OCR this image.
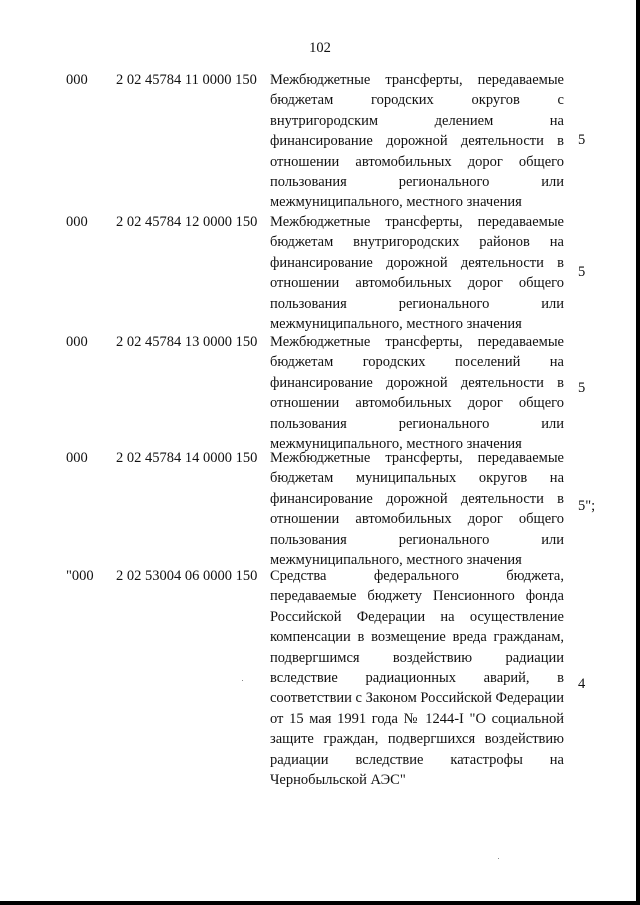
102
000 2 02 45784 11 0000 150 Межбюджетные трансферты, передаваемые бюджетам городских округов с внутригородским делением на финансирование дорожной деятельности в отношении автомобильных дорог общего пользования регионального или межмуниципального, местного значения
5
000 2 02 45784 12 0000 150 Межбюджетные трансферты, передаваемые бюджетам внутригородских районов на финансирование дорожной деятельности в отношении автомобильных дорог общего пользования регионального или межмуниципального, местного значения
5
000 2 02 45784 13 0000 150 Межбюджетные трансферты, передаваемые бюджетам городских поселений на финансирование дорожной деятельности в отношении автомобильных дорог общего пользования регионального или межмуниципального, местного значения
5
000 2 02 45784 14 0000 150 Межбюджетные трансферты, передаваемые бюджетам муниципальных округов на финансирование дорожной деятельности в отношении автомобильных дорог общего пользования регионального или межмуниципального, местного значения
5";
"000 2 02 53004 06 0000 150 Средства федерального бюджета, передаваемые бюджету Пенсионного фонда Российской Федерации на осуществление компенсации в возмещение вреда гражданам, подвергшимся воздействию радиации вследствие радиационных аварий, в соответствии с Законом Российской Федерации от 15 мая 1991 года № 1244-I "О социальной защите граждан, подвергшихся воздействию радиации вследствие катастрофы на Чернобыльской АЭС"
4
